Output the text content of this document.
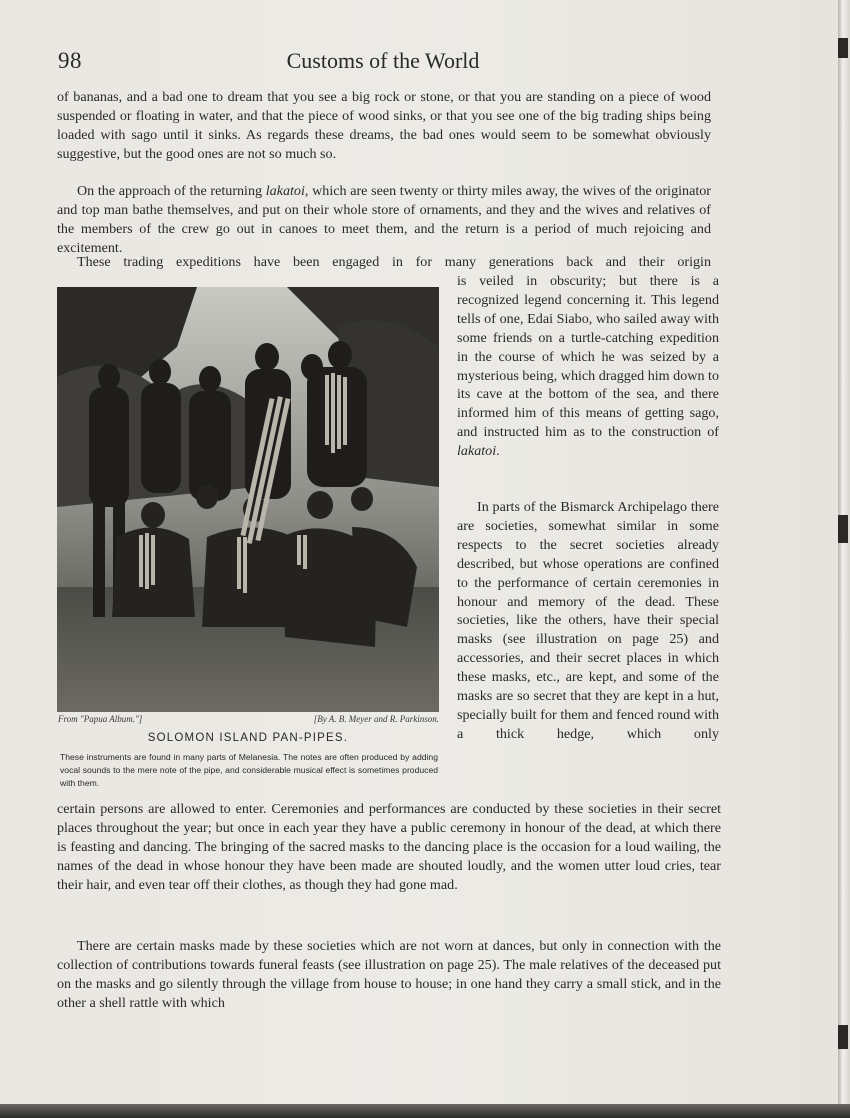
98	Customs of the World

of bananas, and a bad one to dream that you see a big rock or stone, or that you are standing on a piece of wood suspended or floating in water, and that the piece of wood sinks, or that you see one of the big trading ships being loaded with sago until it sinks. As regards these dreams, the bad ones would seem to be somewhat obviously suggestive, but the good ones are not so much so.

On the approach of the returning lakatoi, which are seen twenty or thirty miles away, the wives of the originator and top man bathe themselves, and put on their whole store of ornaments, and they and the wives and relatives of the members of the crew go out in canoes to meet them, and the return is a period of much rejoicing and excitement.

These trading expeditions have been engaged in for many generations back and their origin

From "Papua Album."]	[By A. B. Meyer and R. Parkinson.
SOLOMON ISLAND PAN-PIPES.

These instruments are found in many parts of Melanesia. The notes are often produced by adding vocal sounds to the mere note of the pipe, and considerable musical effect is sometimes produced with them.

is veiled in obscurity; but there is a recognized legend concerning it. This legend tells of one, Edai Siabo, who sailed away with some friends on a turtle-catching expedition in the course of which he was seized by a mysterious being, which dragged him down to its cave at the bottom of the sea, and there informed him of this means of getting sago, and instructed him as to the construction of lakatoi.

In parts of the Bismarck Archipelago there are societies, somewhat similar in some respects to the secret societies already described, but whose operations are confined to the performance of certain ceremonies in honour and memory of the dead. These societies, like the others, have their special masks (see illustration on page 25) and accessories, and their secret places in which these masks, etc., are kept, and some of the masks are so secret that they are kept in a hut, specially built for them and fenced round with a thick hedge, which only

certain persons are allowed to enter. Ceremonies and performances are conducted by these societies in their secret places throughout the year; but once in each year they have a public ceremony in honour of the dead, at which there is feasting and dancing. The bringing of the sacred masks to the dancing place is the occasion for a loud wailing, the names of the dead in whose honour they have been made are shouted loudly, and the women utter loud cries, tear their hair, and even tear off their clothes, as though they had gone mad.

There are certain masks made by these societies which are not worn at dances, but only in connection with the collection of contributions towards funeral feasts (see illustration on page 25). The male relatives of the deceased put on the masks and go silently through the village from house to house; in one hand they carry a small stick, and in the other a shell rattle with which
